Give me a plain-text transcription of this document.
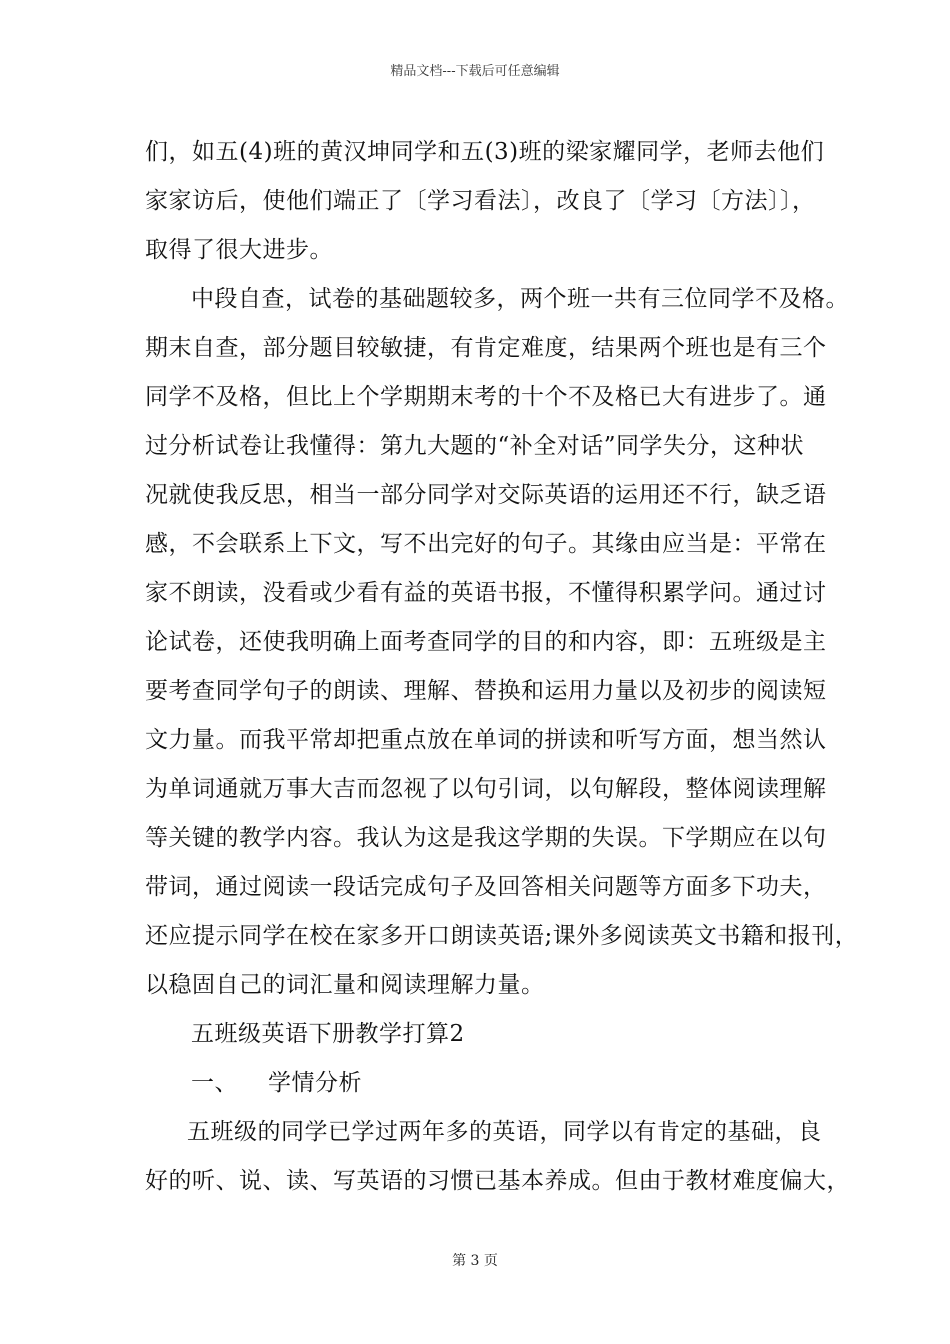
精品文档---下载后可任意编辑

们，如五(4)班的黄汉坤同学和五(3)班的梁家耀同学，老师去他们
家家访后，使他们端正了〔学习看法〕，改良了〔学习〔方法〕〕，
取得了很大进步。

中段自查，试卷的基础题较多，两个班一共有三位同学不及格。
期末自查，部分题目较敏捷，有肯定难度，结果两个班也是有三个
同学不及格，但比上个学期期末考的十个不及格已大有进步了。通
过分析试卷让我懂得：第九大题的“补全对话”同学失分，这种状
况就使我反思，相当一部分同学对交际英语的运用还不行，缺乏语
感，不会联系上下文，写不出完好的句子。其缘由应当是：平常在
家不朗读，没看或少看有益的英语书报，不懂得积累学问。通过讨
论试卷，还使我明确上面考查同学的目的和内容，即：五班级是主
要考查同学句子的朗读、理解、替换和运用力量以及初步的阅读短
文力量。而我平常却把重点放在单词的拼读和听写方面，想当然认
为单词通就万事大吉而忽视了以句引词，以句解段，整体阅读理解
等关键的教学内容。我认为这是我这学期的失误。下学期应在以句
带词，通过阅读一段话完成句子及回答相关问题等方面多下功夫，
还应提示同学在校在家多开口朗读英语;课外多阅读英文书籍和报刊，
以稳固自己的词汇量和阅读理解力量。

五班级英语下册教学打算2

一、 学情分析

五班级的同学已学过两年多的英语，同学以有肯定的基础，良
好的听、说、读、写英语的习惯已基本养成。但由于教材难度偏大，

第 3 页
